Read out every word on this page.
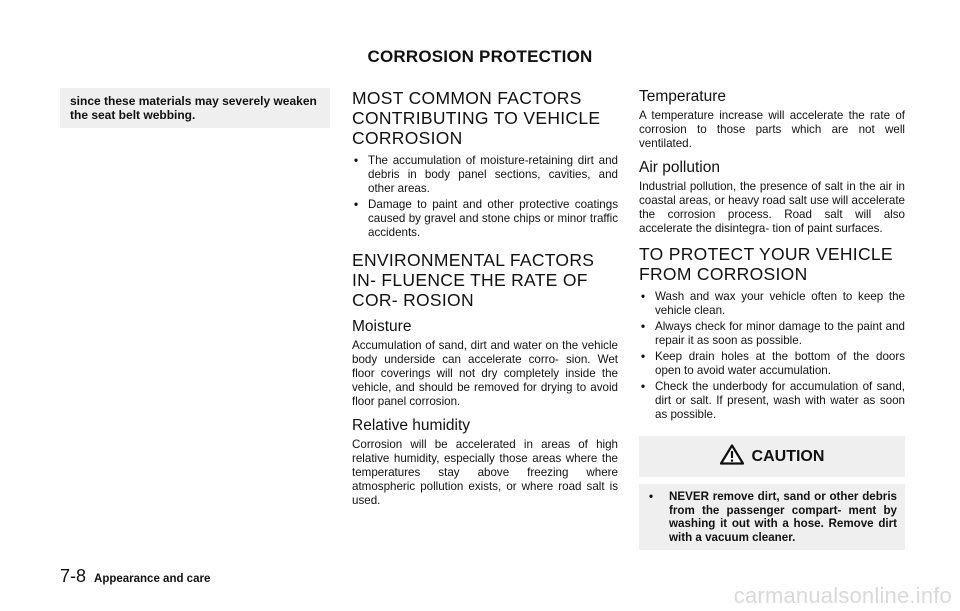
CORROSION PROTECTION
since these materials may severely weaken the seat belt webbing.
MOST COMMON FACTORS CONTRIBUTING TO VEHICLE CORROSION
• The accumulation of moisture-retaining dirt and debris in body panel sections, cavities, and other areas.
• Damage to paint and other protective coatings caused by gravel and stone chips or minor traffic accidents.
ENVIRONMENTAL FACTORS IN- FLUENCE THE RATE OF COR- ROSION
Moisture

Accumulation of sand, dirt and water on the vehicle body underside can accelerate corro- sion. Wet floor coverings will not dry completely inside the vehicle, and should be removed for drying to avoid floor panel corrosion.

Relative humidity

Corrosion will be accelerated in areas of high relative humidity, especially those areas where the temperatures stay above freezing where atmospheric pollution exists, or where road salt is used.

Temperature

A temperature increase will accelerate the rate of corrosion to those parts which are not well ventilated.

Air pollution

Industrial pollution, the presence of salt in the air in coastal areas, or heavy road salt use will accelerate the corrosion process. Road salt will also accelerate the disintegra- tion of paint surfaces.

TO PROTECT YOUR VEHICLE FROM CORROSION
• Wash and wax your vehicle often to keep the vehicle clean.
• Always check for minor damage to the paint and repair it as soon as possible.
• Keep drain holes at the bottom of the doors open to avoid water accumulation.
• Check the underbody for accumulation of sand, dirt or salt. If present, wash with water as soon as possible.
CAUTION
• NEVER remove dirt, sand or other debris from the passenger compart- ment by washing it out with a hose. Remove dirt with a vacuum cleaner.
7-8 Appearance and care
carmanualsonline.info
